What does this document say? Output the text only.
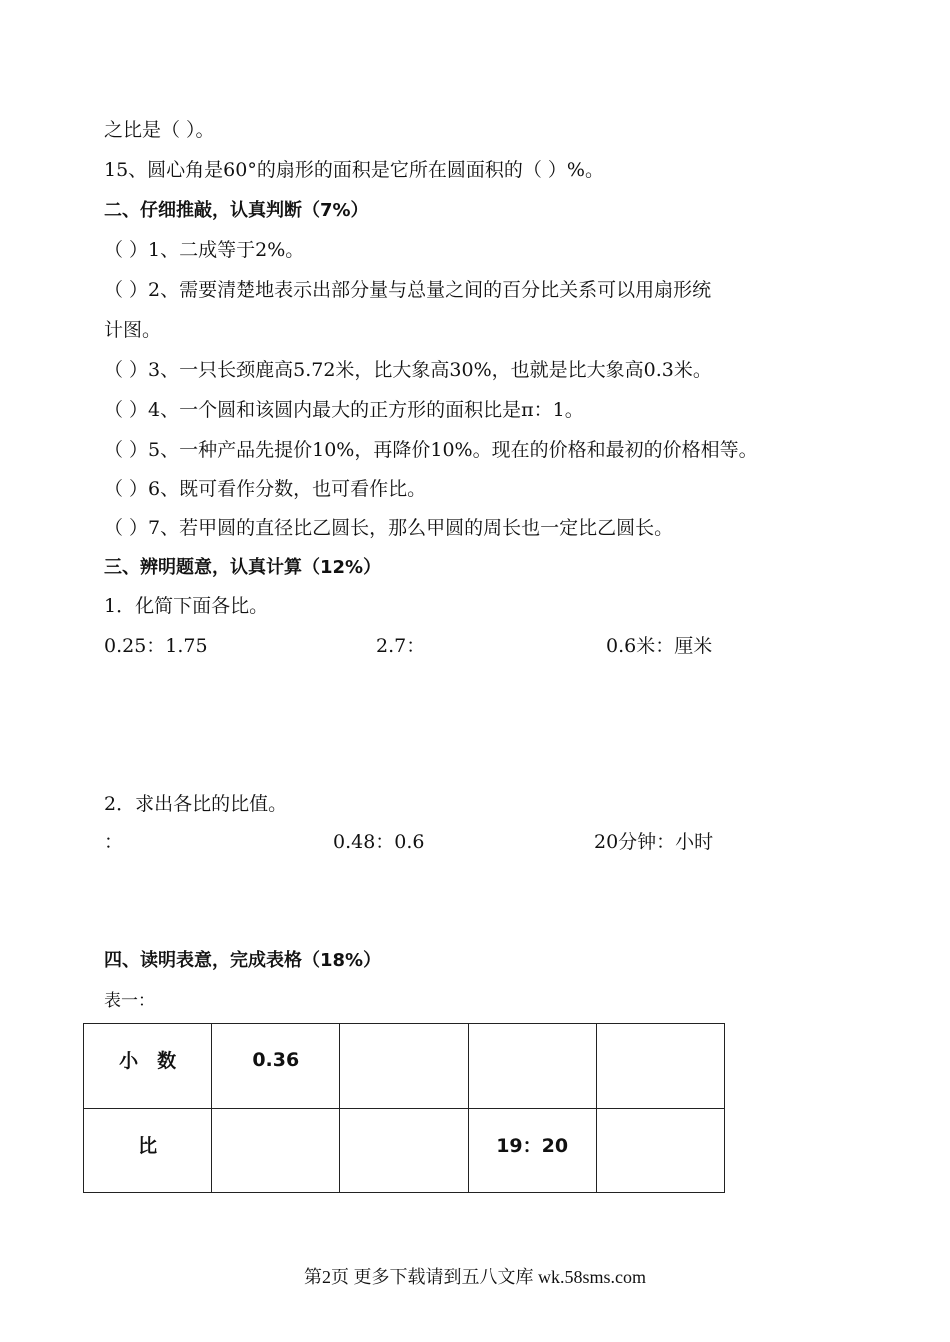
之比是（ ）。
15、圆心角是60°的扇形的面积是它所在圆面积的（ ）%。
二、仔细推敲，认真判断（7%）
（ ）1、二成等于2%。
（ ）2、需要清楚地表示出部分量与总量之间的百分比关系可以用扇形统
计图。
（ ）3、一只长颈鹿高5.72米，比大象高30%，也就是比大象高0.3米。
（ ）4、一个圆和该圆内最大的正方形的面积比是π：1。
（ ）5、一种产品先提价10%，再降价10%。现在的价格和最初的价格相等。
（ ）6、既可看作分数，也可看作比。
（ ）7、若甲圆的直径比乙圆长，那么甲圆的周长也一定比乙圆长。
三、辨明题意，认真计算（12%）
1．化简下面各比。
0.25：1.75	2.7：	0.6米：厘米
2．求出各比的比值。
：	0.48：0.6	20分钟：小时
四、读明表意，完成表格（18%）
表一：
小　数	0.36			
比			19：20	
第2页 更多下载请到五八文库 wk.58sms.com
